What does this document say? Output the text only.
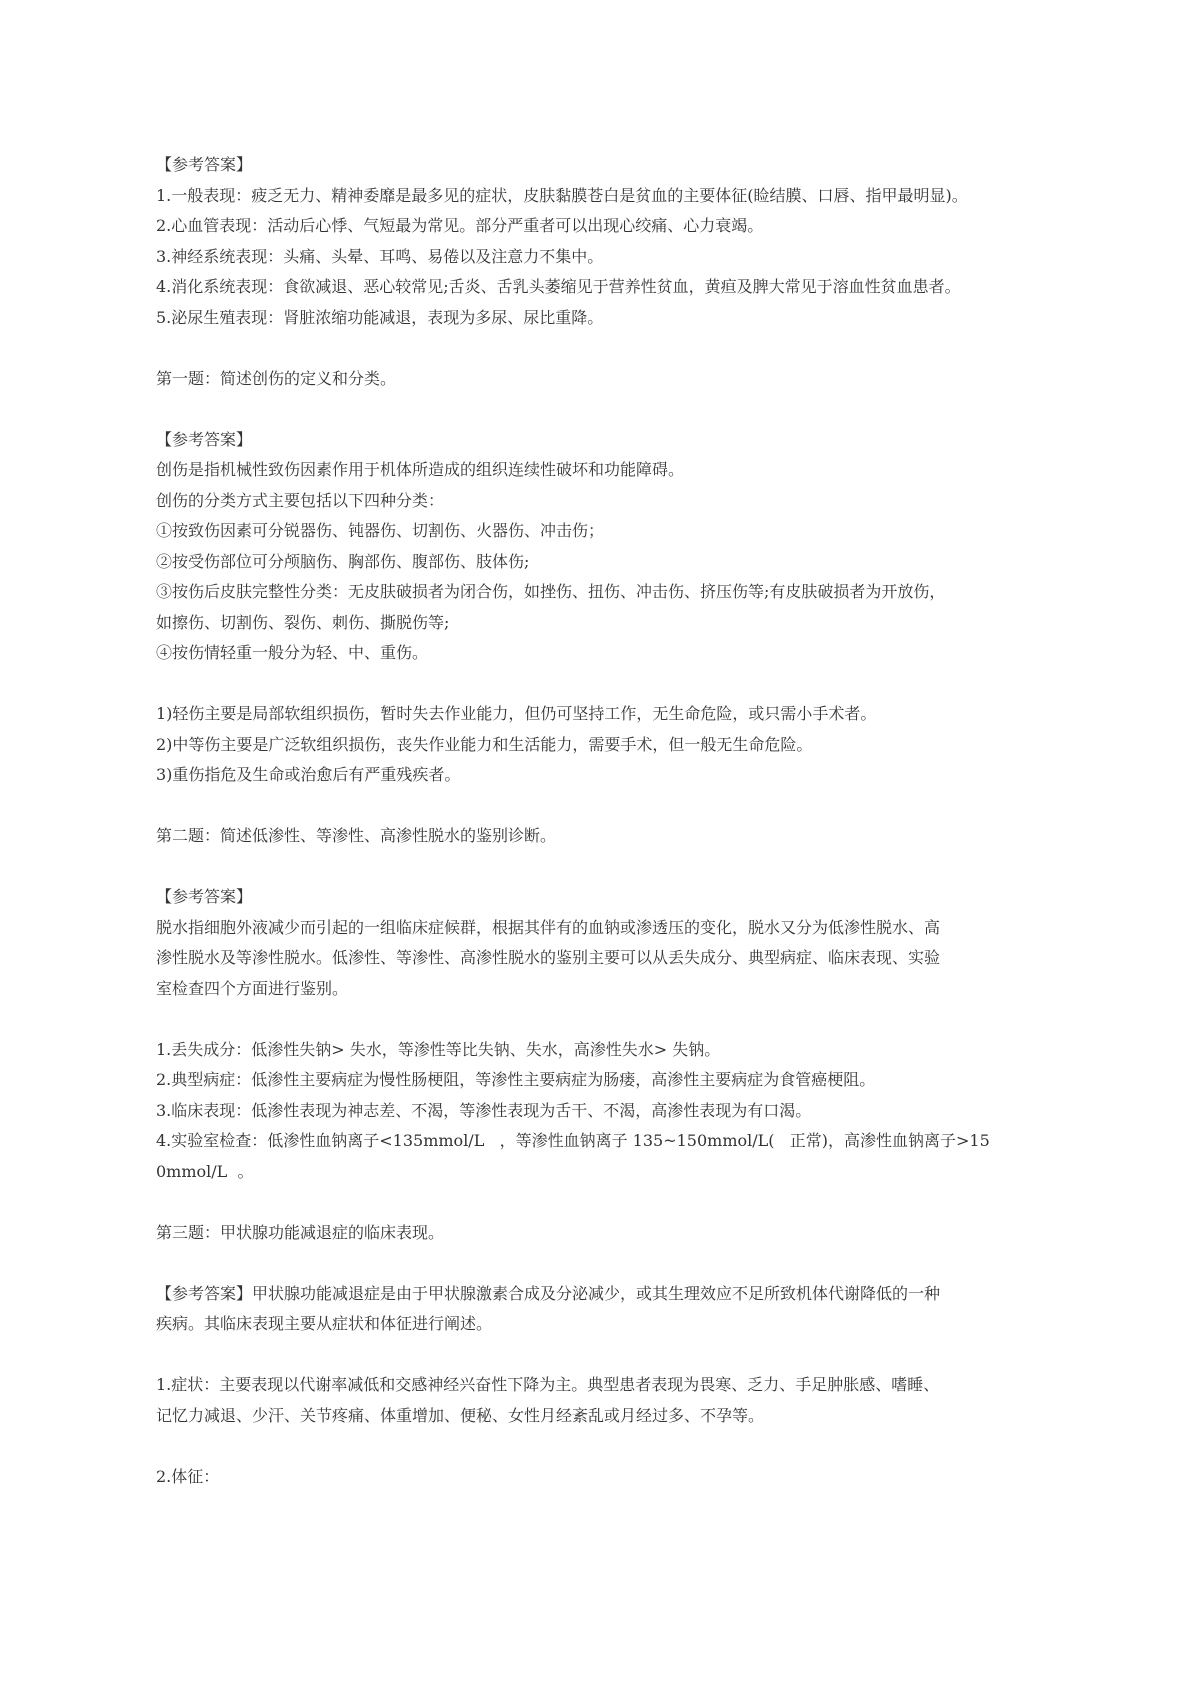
【参考答案】
1.一般表现：疲乏无力、精神委靡是最多见的症状，皮肤黏膜苍白是贫血的主要体征(睑结膜、口唇、指甲最明显)。
2.心血管表现：活动后心悸、气短最为常见。部分严重者可以出现心绞痛、心力衰竭。
3.神经系统表现：头痛、头晕、耳鸣、易倦以及注意力不集中。
4.消化系统表现：食欲减退、恶心较常见;舌炎、舌乳头萎缩见于营养性贫血，黄疸及脾大常见于溶血性贫血患者。
5.泌尿生殖表现：肾脏浓缩功能减退，表现为多尿、尿比重降。
第一题：简述创伤的定义和分类。
【参考答案】
创伤是指机械性致伤因素作用于机体所造成的组织连续性破坏和功能障碍。
创伤的分类方式主要包括以下四种分类：
①按致伤因素可分锐器伤、钝器伤、切割伤、火器伤、冲击伤；
②按受伤部位可分颅脑伤、胸部伤、腹部伤、肢体伤;
③按伤后皮肤完整性分类：无皮肤破损者为闭合伤，如挫伤、扭伤、冲击伤、挤压伤等;有皮肤破损者为开放伤，
如擦伤、切割伤、裂伤、刺伤、撕脱伤等;
④按伤情轻重一般分为轻、中、重伤。
1)轻伤主要是局部软组织损伤，暂时失去作业能力，但仍可坚持工作，无生命危险，或只需小手术者。
2)中等伤主要是广泛软组织损伤，丧失作业能力和生活能力，需要手术，但一般无生命危险。
3)重伤指危及生命或治愈后有严重残疾者。
第二题：简述低渗性、等渗性、高渗性脱水的鉴别诊断。
【参考答案】
脱水指细胞外液减少而引起的一组临床症候群，根据其伴有的血钠或渗透压的变化，脱水又分为低渗性脱水、高
渗性脱水及等渗性脱水。低渗性、等渗性、高渗性脱水的鉴别主要可以从丢失成分、典型病症、临床表现、实验
室检查四个方面进行鉴别。
1.丢失成分：低渗性失钠> 失水，等渗性等比失钠、失水，高渗性失水> 失钠。
2.典型病症：低渗性主要病症为慢性肠梗阻，等渗性主要病症为肠瘘，高渗性主要病症为食管癌梗阻。
3.临床表现：低渗性表现为神志差、不渴，等渗性表现为舌干、不渴，高渗性表现为有口渴。
4.实验室检查：低渗性血钠离子<135mmol/L   ，等渗性血钠离子 135~150mmol/L(   正常)，高渗性血钠离子>15
0mmol/L  。
第三题：甲状腺功能减退症的临床表现。
【参考答案】甲状腺功能减退症是由于甲状腺激素合成及分泌减少，或其生理效应不足所致机体代谢降低的一种
疾病。其临床表现主要从症状和体征进行阐述。
1.症状：主要表现以代谢率减低和交感神经兴奋性下降为主。典型患者表现为畏寒、乏力、手足肿胀感、嗜睡、
记忆力减退、少汗、关节疼痛、体重增加、便秘、女性月经紊乱或月经过多、不孕等。
2.体征：
